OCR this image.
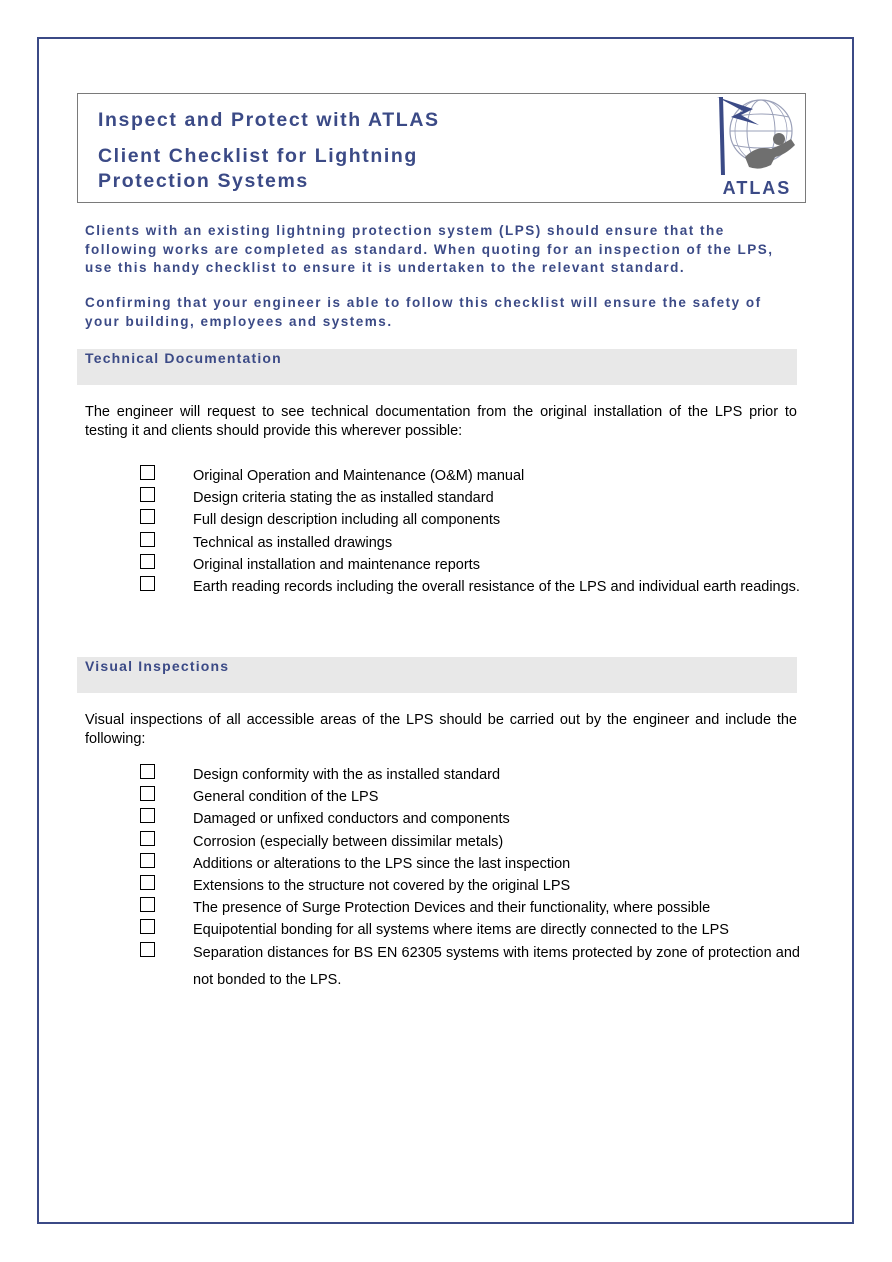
Inspect and Protect with ATLAS
Client Checklist for Lightning Protection Systems	ATLAS

Clients with an existing lightning protection system (LPS) should ensure that the following works are completed as standard. When quoting for an inspection of the LPS, use this handy checklist to ensure it is undertaken to the relevant standard.

Confirming that your engineer is able to follow this checklist will ensure the safety of your building, employees and systems.

Technical Documentation

The engineer will request to see technical documentation from the original installation of the LPS prior to testing it and clients should provide this wherever possible:

Original Operation and Maintenance (O&M) manual
Design criteria stating the as installed standard
Full design description including all components
Technical as installed drawings
Original installation and maintenance reports
Earth reading records including the overall resistance of the LPS and individual earth readings.
Visual Inspections

Visual inspections of all accessible areas of the LPS should be carried out by the engineer and include the following:

Design conformity with the as installed standard
General condition of the LPS
Damaged or unfixed conductors and components
Corrosion (especially between dissimilar metals)
Additions or alterations to the LPS since the last inspection
Extensions to the structure not covered by the original LPS
The presence of Surge Protection Devices and their functionality, where possible
Equipotential bonding for all systems where items are directly connected to the LPS
Separation distances for BS EN 62305 systems with items protected by zone of protection and not bonded to the LPS.
